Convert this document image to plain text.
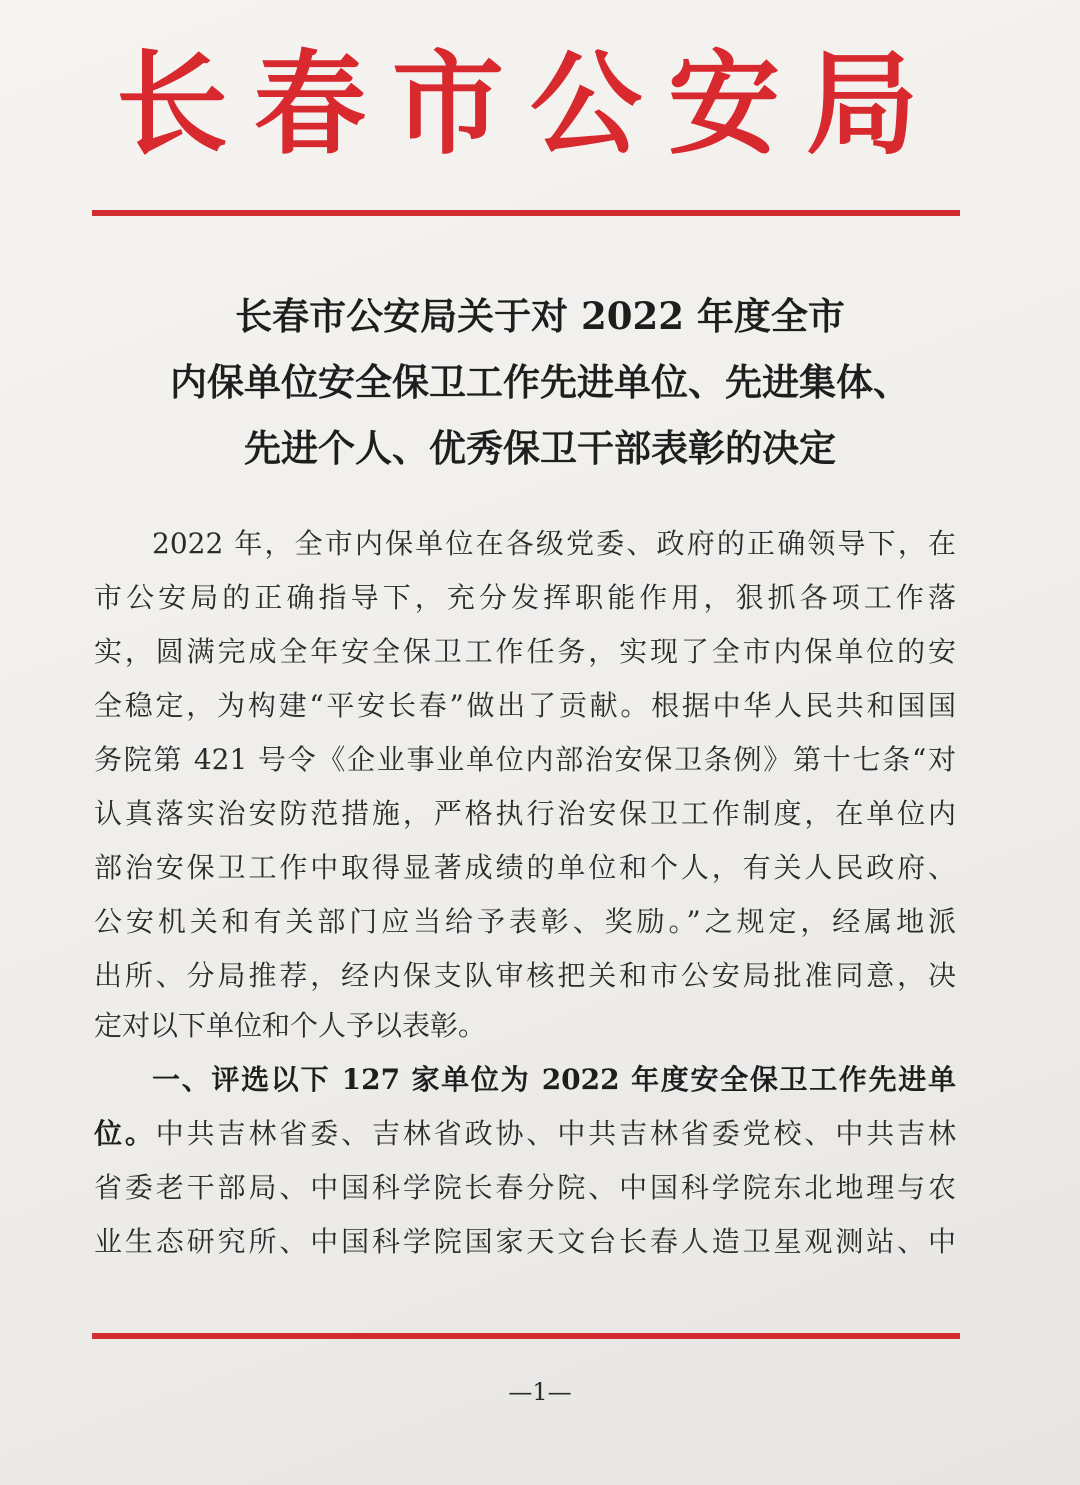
长春市公安局
长春市公安局关于对 2022 年度全市
内保单位安全保卫工作先进单位、先进集体、
先进个人、优秀保卫干部表彰的决定

2022 年，全市内保单位在各级党委、政府的正确领导下，在

市公安局的正确指导下，充分发挥职能作用，狠抓各项工作落

实，圆满完成全年安全保卫工作任务，实现了全市内保单位的安

全稳定，为构建“平安长春”做出了贡献。根据中华人民共和国国

务院第 421 号令《企业事业单位内部治安保卫条例》第十七条“对

认真落实治安防范措施，严格执行治安保卫工作制度，在单位内

部治安保卫工作中取得显著成绩的单位和个人，有关人民政府、

公安机关和有关部门应当给予表彰、奖励。”之规定，经属地派

出所、分局推荐，经内保支队审核把关和市公安局批准同意，决

定对以下单位和个人予以表彰。

一、评选以下 127 家单位为 2022 年度安全保卫工作先进单

位。中共吉林省委、吉林省政协、中共吉林省委党校、中共吉林

省委老干部局、中国科学院长春分院、中国科学院东北地理与农

业生态研究所、中国科学院国家天文台长春人造卫星观测站、中

—1—
